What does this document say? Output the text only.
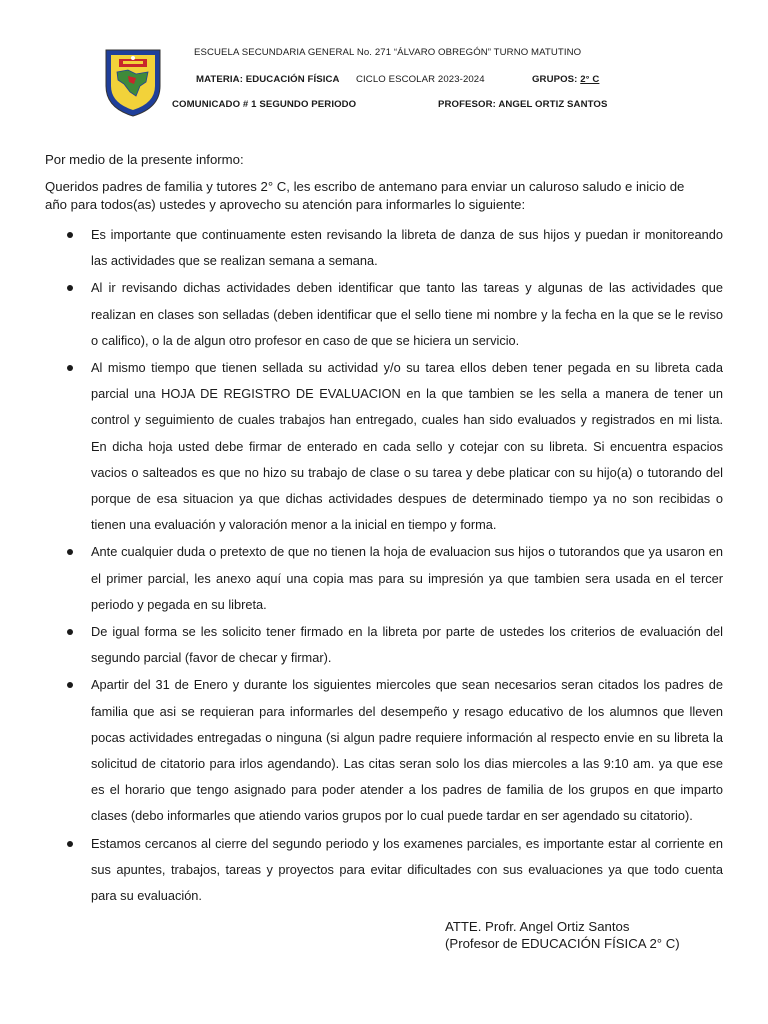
ESCUELA SECUNDARIA GENERAL No. 271 “ÁLVARO OBREGÓN” TURNO MATUTINO
MATERIA: EDUCACIÓN FÍSICA CICLO ESCOLAR 2023-2024	GRUPOS: 2° C
COMUNICADO # 1 SEGUNDO PERIODO	PROFESOR: ANGEL ORTIZ SANTOS
Por medio de la presente informo:
Queridos padres de familia y tutores 2° C, les escribo de antemano para enviar un caluroso saludo e inicio de año para todos(as) ustedes y aprovecho su atención para informarles lo siguiente:
Es importante que continuamente esten revisando la libreta de danza de sus hijos y puedan ir monitoreando las actividades que se realizan semana a semana.
Al ir revisando dichas actividades deben identificar que tanto las tareas y algunas de las actividades que realizan en clases son selladas (deben identificar que el sello tiene mi nombre y la fecha en la que se le reviso o califico), o la de algun otro profesor en caso de que se hiciera un servicio.
Al mismo tiempo que tienen sellada su actividad y/o su tarea ellos deben tener pegada en su libreta cada parcial una HOJA DE REGISTRO DE EVALUACION en la que tambien se les sella a manera de tener un control y seguimiento de cuales trabajos han entregado, cuales han sido evaluados y registrados en mi lista. En dicha hoja usted debe firmar de enterado en cada sello y cotejar con su libreta. Si encuentra espacios vacios o salteados es que no hizo su trabajo de clase o su tarea y debe platicar con su hijo(a) o tutorando del porque de esa situacion ya que dichas actividades despues de determinado tiempo ya no son recibidas o tienen una evaluación y valoración menor a la inicial en tiempo y forma.
Ante cualquier duda o pretexto de que no tienen la hoja de evaluacion sus hijos o tutorandos que ya usaron en el primer parcial, les anexo aquí una copia mas para su impresión ya que tambien sera usada en el tercer periodo y pegada en su libreta.
De igual forma se les solicito tener firmado en la libreta por parte de ustedes los criterios de evaluación del segundo parcial (favor de checar y firmar).
Apartir del 31 de Enero y durante los siguientes miercoles que sean necesarios seran citados los padres de familia que asi se requieran para informarles del desempeño y resago educativo de los alumnos que lleven pocas actividades entregadas o ninguna (si algun padre requiere información al respecto envie en su libreta la solicitud de citatorio para irlos agendando). Las citas seran solo los dias miercoles a las 9:10 am. ya que ese es el horario que tengo asignado para poder atender a los padres de familia de los grupos en que imparto clases (debo informarles que atiendo varios grupos por lo cual puede tardar en ser agendado su citatorio).
Estamos cercanos al cierre del segundo periodo y los examenes parciales, es importante estar al corriente en sus apuntes, trabajos, tareas y proyectos para evitar dificultades con sus evaluaciones ya que todo cuenta para su evaluación.
ATTE. Profr. Angel Ortiz Santos
(Profesor de EDUCACIÓN FÍSICA 2° C)
